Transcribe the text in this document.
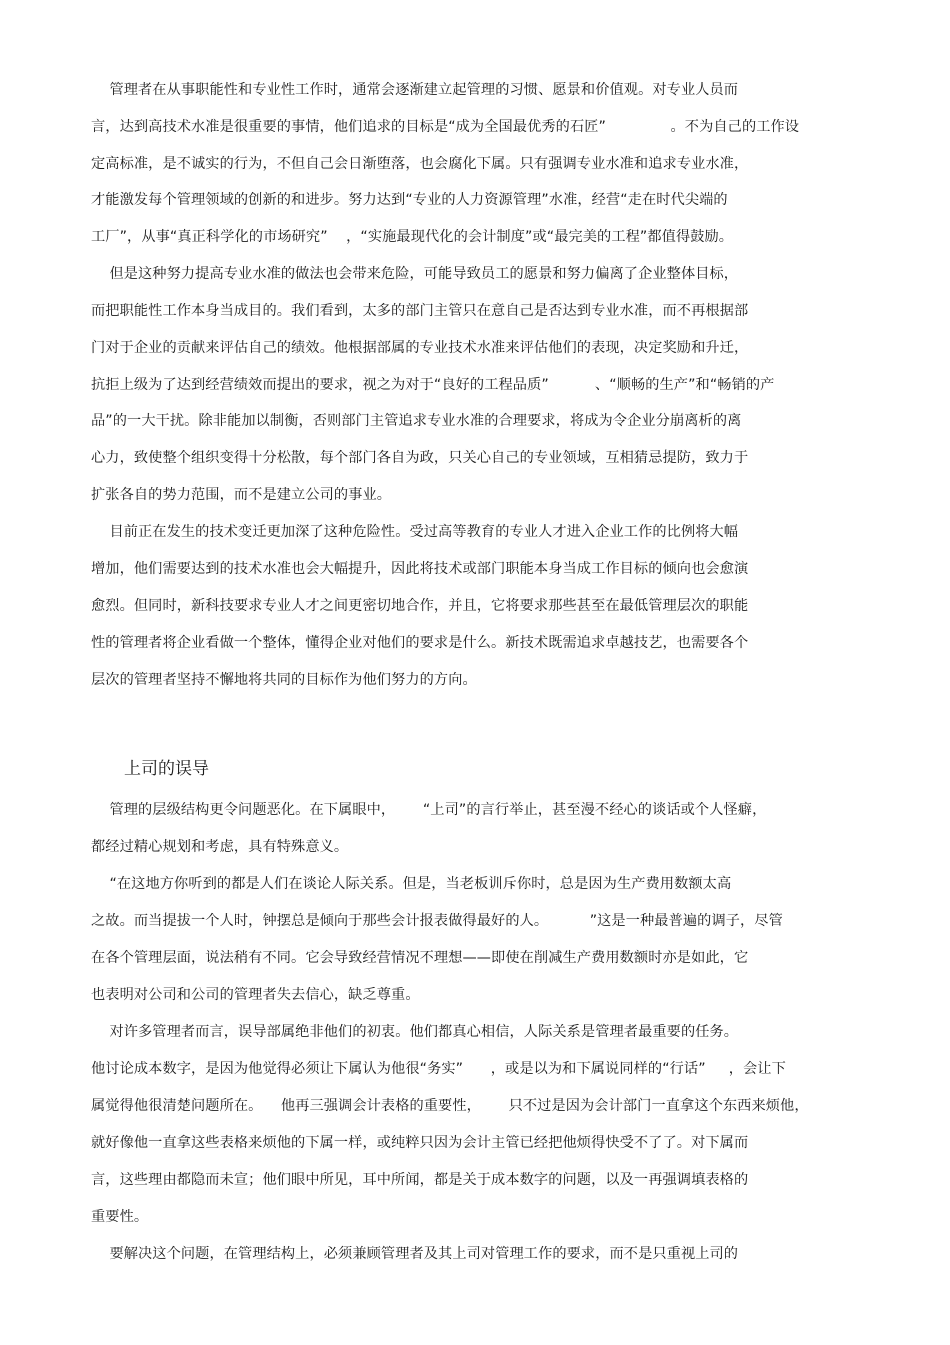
管理者在从事职能性和专业性工作时，通常会逐渐建立起管理的习惯、愿景和价值观。对专业人员而
言，达到高技术水准是很重要的事情，他们追求的目标是“成为全国最优秀的石匠”              。不为自己的工作设
定高标准，是不诚实的行为，不但自己会日渐堕落，也会腐化下属。只有强调专业水准和追求专业水准，
才能激发每个管理领域的创新的和进步。努力达到“专业的人力资源管理”水准，经营“走在时代尖端的
工厂”，从事“真正科学化的市场研究”    ，“实施最现代化的会计制度”或“最完美的工程”都值得鼓励。
但是这种努力提高专业水准的做法也会带来危险，可能导致员工的愿景和努力偏离了企业整体目标，
而把职能性工作本身当成目的。我们看到，太多的部门主管只在意自己是否达到专业水准，而不再根据部
门对于企业的贡献来评估自己的绩效。他根据部属的专业技术水准来评估他们的表现，决定奖励和升迁，
抗拒上级为了达到经营绩效而提出的要求，视之为对于“良好的工程品质”          、“顺畅的生产”和“畅销的产
品”的一大干扰。除非能加以制衡，否则部门主管追求专业水准的合理要求，将成为令企业分崩离析的离
心力，致使整个组织变得十分松散，每个部门各自为政，只关心自己的专业领域，互相猜忌提防，致力于
扩张各自的势力范围，而不是建立公司的事业。
目前正在发生的技术变迁更加深了这种危险性。受过高等教育的专业人才进入企业工作的比例将大幅
增加，他们需要达到的技术水准也会大幅提升，因此将技术或部门职能本身当成工作目标的倾向也会愈演
愈烈。但同时，新科技要求专业人才之间更密切地合作，并且，它将要求那些甚至在最低管理层次的职能
性的管理者将企业看做一个整体，懂得企业对他们的要求是什么。新技术既需追求卓越技艺，也需要各个
层次的管理者坚持不懈地将共同的目标作为他们努力的方向。
上司的误导
管理的层级结构更令问题恶化。在下属眼中，      “上司”的言行举止，甚至漫不经心的谈话或个人怪癖，
都经过精心规划和考虑，具有特殊意义。
“在这地方你听到的都是人们在谈论人际关系。但是，当老板训斥你时，总是因为生产费用数额太高
之故。而当提拔一个人时，钟摆总是倾向于那些会计报表做得最好的人。         ”这是一种最普遍的调子，尽管
在各个管理层面，说法稍有不同。它会导致经营情况不理想——即使在削减生产费用数额时亦是如此，它
也表明对公司和公司的管理者失去信心，缺乏尊重。
对许多管理者而言，误导部属绝非他们的初衷。他们都真心相信，人际关系是管理者最重要的任务。
他讨论成本数字，是因为他觉得必须让下属认为他很“务实”      ，或是以为和下属说同样的“行话”     ，会让下
属觉得他很清楚问题所在。    他再三强调会计表格的重要性，      只不过是因为会计部门一直拿这个东西来烦他，
就好像他一直拿这些表格来烦他的下属一样，或纯粹只因为会计主管已经把他烦得快受不了了。对下属而
言，这些理由都隐而未宣；他们眼中所见，耳中所闻，都是关于成本数字的问题，以及一再强调填表格的
重要性。
要解决这个问题，在管理结构上，必须兼顾管理者及其上司对管理工作的要求，而不是只重视上司的
